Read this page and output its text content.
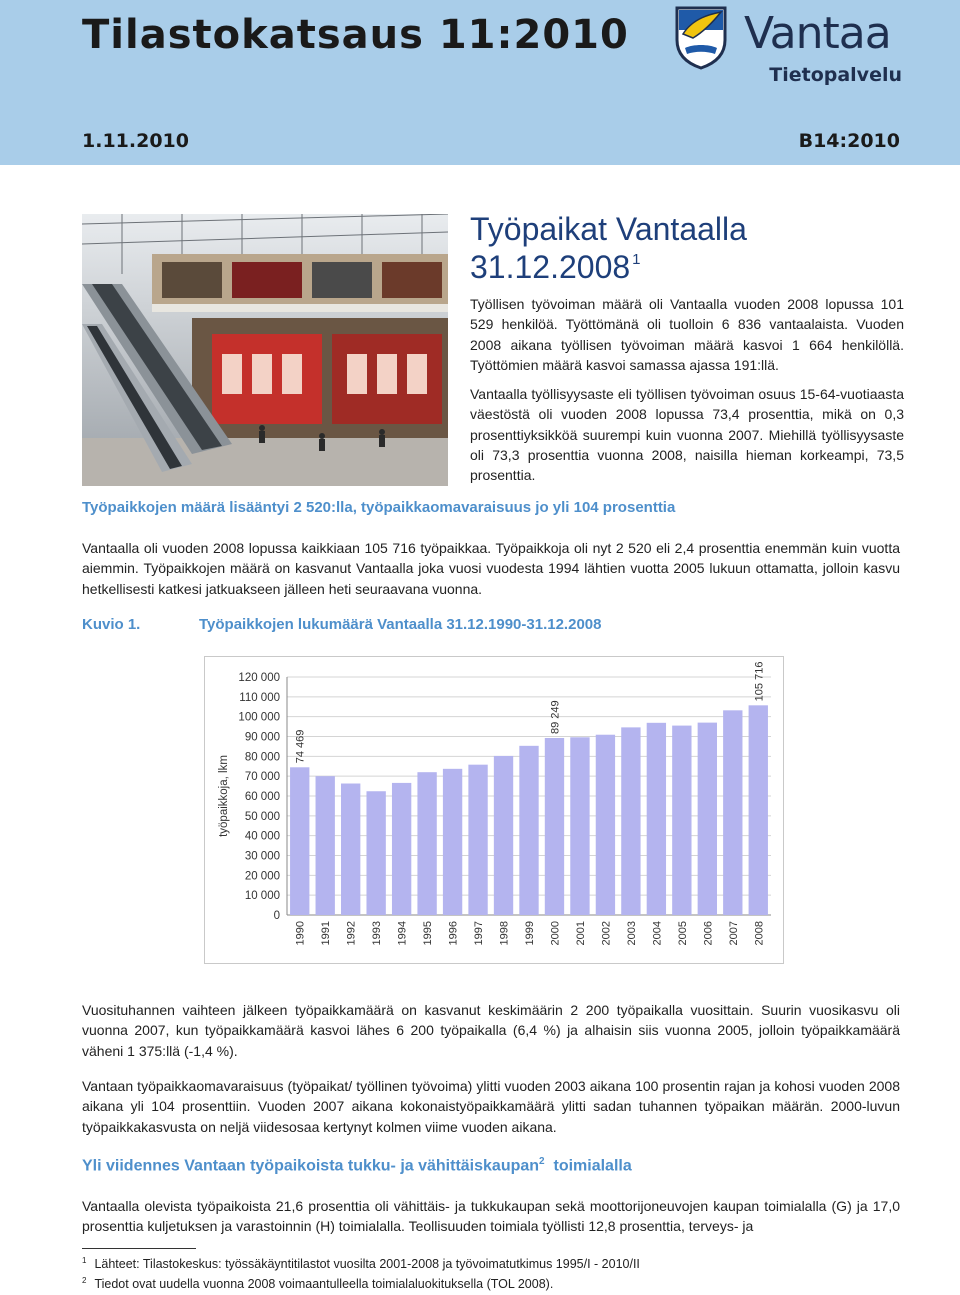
Tilastokatsaus 11:2010	Vantaa
Tietopalvelu
1.11.2010	B14:2010
Työpaikat Vantaalla
31.12.2008 $^1$
Työllisen työvoiman määrä oli Vantaalla vuoden 2008 lopussa 101 529 henkilöä. Työttömänä oli tuolloin 6 836 vantaalaista. Vuoden 2008 aikana työllisen työvoiman määrä kasvoi 1 664 henkilöllä. Työttömien määrä kasvoi samassa ajassa 191:llä.
Vantaalla työllisyysaste eli työllisen työvoiman osuus 15-64-vuotiaasta väestöstä oli vuoden 2008 lopussa 73,4 prosenttia, mikä on 0,3 prosenttiyksikköä suurempi kuin vuonna 2007. Miehillä työllisyysaste oli 73,3 prosenttia vuonna 2008, naisilla hieman korkeampi, 73,5 prosenttia.
Työpaikkojen määrä lisääntyi 2 520:lla, työpaikkaomavaraisuus jo yli 104 prosenttia
Vantaalla oli vuoden 2008 lopussa kaikkiaan 105 716 työpaikkaa. Työpaikkoja oli nyt 2 520 eli 2,4 prosenttia enemmän kuin vuotta aiemmin. Työpaikkojen määrä on kasvanut Vantaalla joka vuosi vuodesta 1994 lähtien vuotta 2005 lukuun ottamatta, jolloin kasvu hetkellisesti katkesi jatkuakseen jälleen heti seuraavana vuonna.
Kuvio 1.	Työpaikkojen lukumäärä Vantaalla 31.12.1990-31.12.2008
0
10 000
20 000
30 000
40 000
50 000
60 000
70 000
80 000
90 000
100 000
110 000
120 000
työpaikkoja, lkm
1990
74 469
1991 1992 1993 1994 1995 1996 1997 1998 1999 2000
89 249
2001 2002 2003 2004 2005 2006 2007 2008
105 716
Vuosituhannen vaihteen jälkeen työpaikkamäärä on kasvanut keskimäärin 2 200 työpaikalla vuosittain. Suurin vuosikasvu oli vuonna 2007, kun työpaikkamäärä kasvoi lähes 6 200 työpaikalla (6,4 %) ja alhaisin siis vuonna 2005, jolloin työpaikkamäärä väheni 1 375:llä (-1,4 %).
Vantaan työpaikkaomavaraisuus (työpaikat/ työllinen työvoima) ylitti vuoden 2003 aikana 100 prosentin rajan ja kohosi vuoden 2008 aikana yli 104 prosenttiin. Vuoden 2007 aikana kokonaistyöpaikkamäärä ylitti sadan tuhannen työpaikan määrän. 2000-luvun työpaikkakasvusta on neljä viidesosaa kertynyt kolmen viime vuoden aikana.
Yli viidennes Vantaan työpaikoista tukku- ja vähittäiskaupan$^2$ toimialalla
Vantaalla olevista työpaikoista 21,6 prosenttia oli vähittäis- ja tukkukaupan sekä moottorijoneuvojen kaupan toimialalla (G) ja 17,0 prosenttia kuljetuksen ja varastoinnin (H) toimialalla. Teollisuuden toimiala työllisti 12,8 prosenttia, terveys- ja
$^1$ Lähteet: Tilastokeskus: työssäkäyntitilastot vuosilta 2001-2008 ja työvoimatutkimus 1995/I - 2010/II
$^2$ Tiedot ovat uudella vuonna 2008 voimaantulleella toimialaluokituksella (TOL 2008).
